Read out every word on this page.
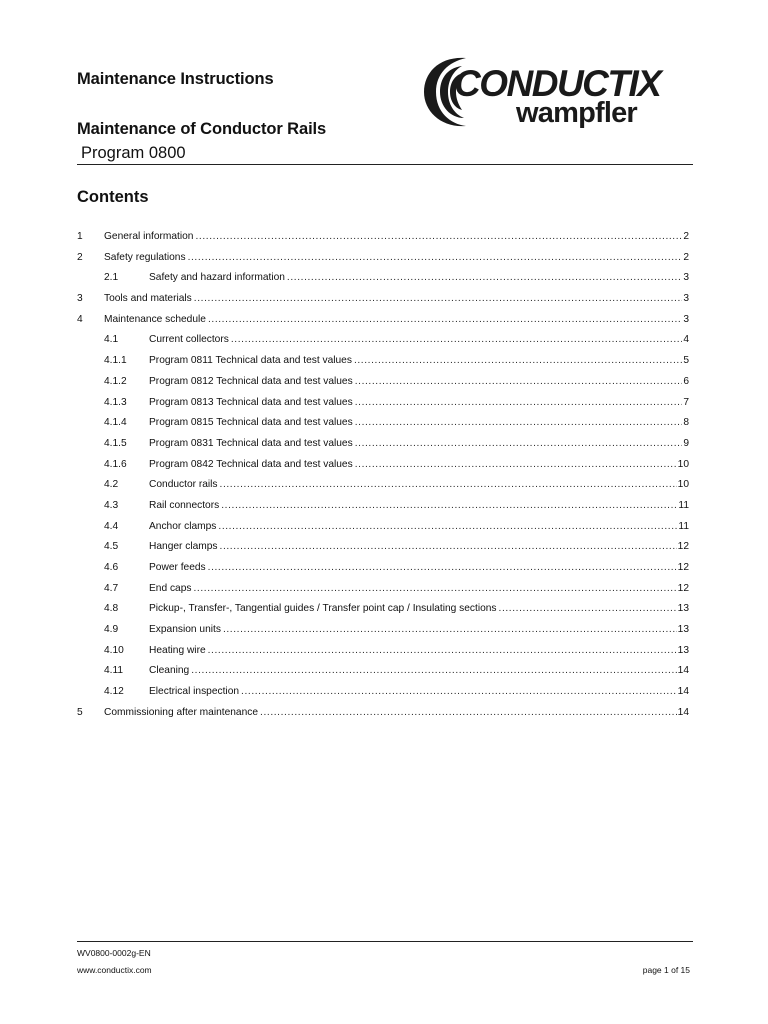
Maintenance Instructions
Maintenance of Conductor Rails
Program 0800
CONDUCTIX
wampfler
Contents
1 General information .....	2
2 Safety regulations .....	2
2.1	Safety and hazard information .....	3
3 Tools and materials .....	3
4 Maintenance schedule .....	3
4.1	Current collectors .....	4
4.1.1 Program 0811 Technical data and test values .....	5
4.1.2 Program 0812 Technical data and test values .....	6
4.1.3 Program 0813 Technical data and test values .....	7
4.1.4 Program 0815 Technical data and test values .....	8
4.1.5 Program 0831 Technical data and test values .....	9
4.1.6 Program 0842 Technical data and test values .....	10
4.2	Conductor rails .....	10
4.3	Rail connectors .....	11
4.4	Anchor clamps .....	11
4.5	Hanger clamps .....	12
4.6	Power feeds .....	12
4.7	End caps .....	12
4.8	Pickup-, Transfer-, Tangential guides / Transfer point cap / Insulating sections .....	13
4.9	Expansion units .....	13
4.10 Heating wire .....	13
4.11	Cleaning .....	14
4.12 Electrical inspection .....	14
5 Commissioning after maintenance .....	14
WV0800-0002g-EN
www.conductix.com	page 1 of 15
